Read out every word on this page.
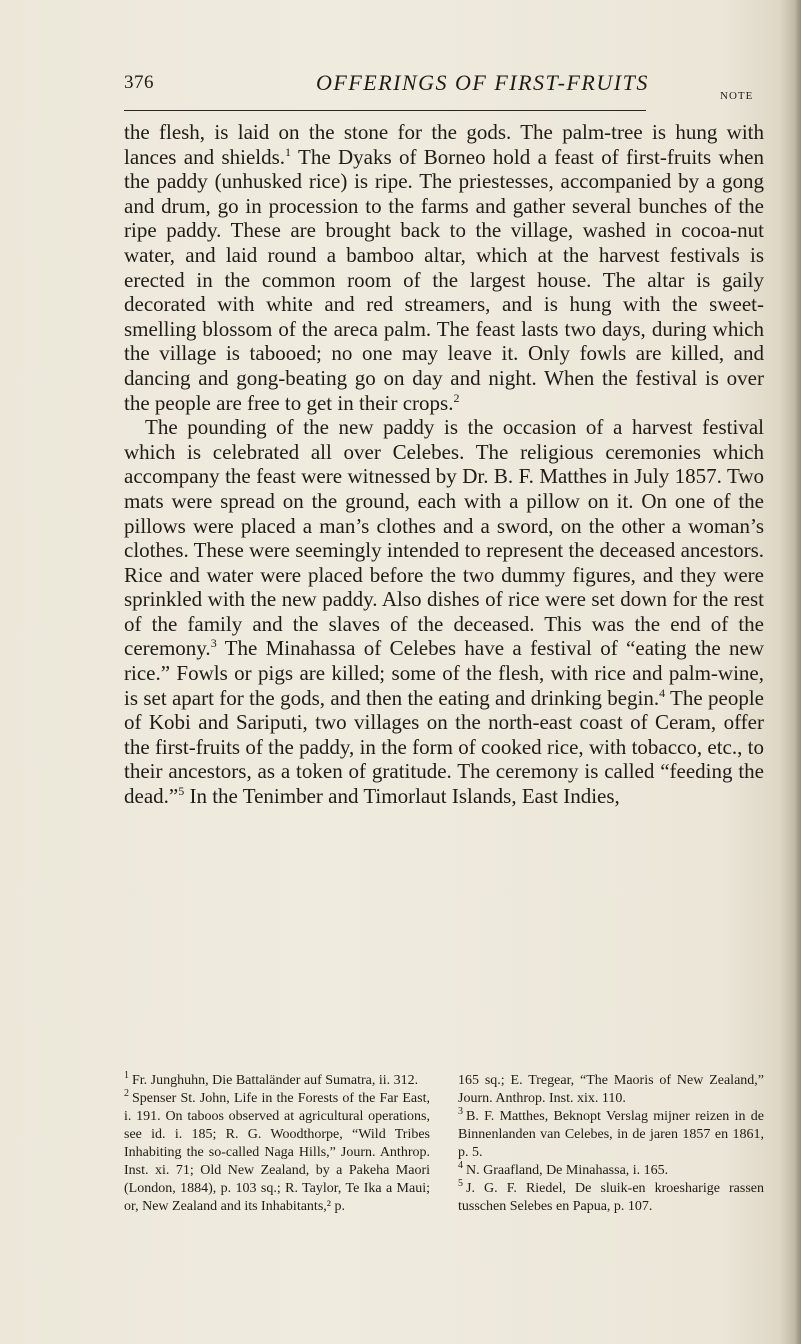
376	OFFERINGS OF FIRST-FRUITS
NOTE

the flesh, is laid on the stone for the gods. The palm-tree is hung with lances and shields.$^1$ The Dyaks of Borneo hold a feast of first-fruits when the paddy (unhusked rice) is ripe. The priestesses, accompanied by a gong and drum, go in procession to the farms and gather several bunches of the ripe paddy. These are brought back to the village, washed in cocoa-nut water, and laid round a bamboo altar, which at the harvest festivals is erected in the common room of the largest house. The altar is gaily decorated with white and red streamers, and is hung with the sweet-smelling blossom of the areca palm. The feast lasts two days, during which the village is tabooed; no one may leave it. Only fowls are killed, and dancing and gong-beating go on day and night. When the festival is over the people are free to get in their crops.$^2$

The pounding of the new paddy is the occasion of a harvest festival which is celebrated all over Celebes. The religious ceremonies which accompany the feast were witnessed by Dr. B. F. Matthes in July 1857. Two mats were spread on the ground, each with a pillow on it. On one of the pillows were placed a man’s clothes and a sword, on the other a woman’s clothes. These were seemingly intended to represent the deceased ancestors. Rice and water were placed before the two dummy figures, and they were sprinkled with the new paddy. Also dishes of rice were set down for the rest of the family and the slaves of the deceased. This was the end of the ceremony.$^3$ The Minahassa of Celebes have a festival of “eating the new rice.” Fowls or pigs are killed; some of the flesh, with rice and palm-wine, is set apart for the gods, and then the eating and drinking begin.$^4$ The people of Kobi and Sariputi, two villages on the north-east coast of Ceram, offer the first-fruits of the paddy, in the form of cooked rice, with tobacco, etc., to their ancestors, as a token of gratitude. The ceremony is called “feeding the dead.”$^5$ In the Tenimber and Timorlaut Islands, East Indies,

$^1$ Fr. Junghuhn, Die Battaländer auf Sumatra, ii. 312.

$^2$ Spenser St. John, Life in the Forests of the Far East, i. 191. On taboos observed at agricultural operations, see id. i. 185; R. G. Woodthorpe, “Wild Tribes Inhabiting the so-called Naga Hills,” Journ. Anthrop. Inst. xi. 71; Old New Zealand, by a Pakeha Maori (London, 1884), p. 103 sq.; R. Taylor, Te Ika a Maui; or, New Zealand and its Inhabitants,² p.

165 sq.; E. Tregear, “The Maoris of New Zealand,” Journ. Anthrop. Inst. xix. 110.

$^3$ B. F. Matthes, Beknopt Verslag mijner reizen in de Binnenlanden van Celebes, in de jaren 1857 en 1861, p. 5.

$^4$ N. Graafland, De Minahassa, i. 165.

$^5$ J. G. F. Riedel, De sluik-en kroesharige rassen tusschen Selebes en Papua, p. 107.
